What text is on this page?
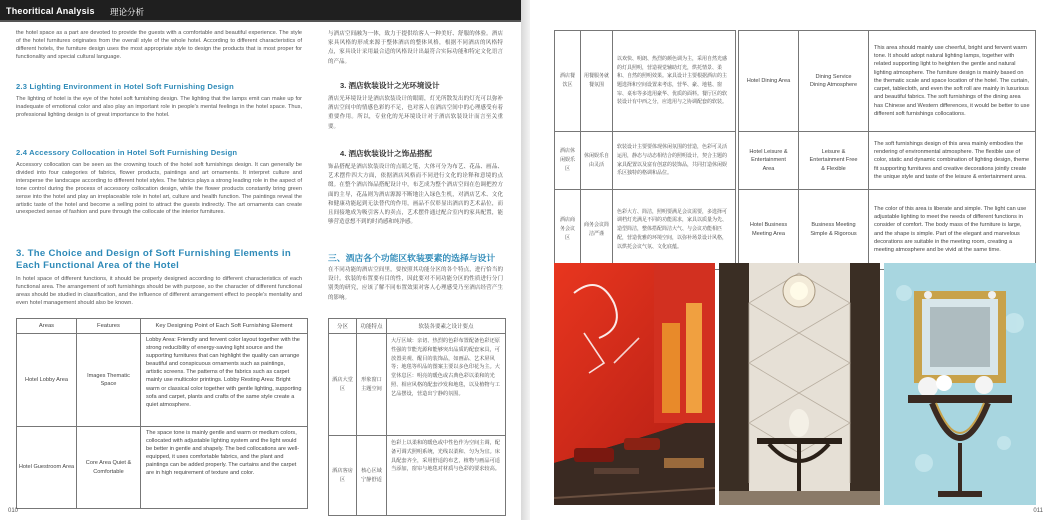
Theoritical Analysis 理论分析
the hotel space as a part are devoted to provide the guests with a comfortable and beautiful experience. The style of the hotel furnitures originates from the overall style of the whole hotel. According to different characteristics of different hotels, the furniture design uses the most appropriate style to design the products that is most proper for functionality and special cultural language.
2.3 Lighting Environment in Hotel Soft Furnishing Design
The lighting of hotel is the eye of the hotel soft furnishing design. The lighting that the lamps emit can make up for inadequate of emotional color and also play an important role in people's mental feelings in the hotel space. Thus, professional lighting design is of great importance to the hotel.
2.4 Accessory Collocation in Hotel Soft Furnishing Design
Accessory collocation can be seen as the crowning touch of the hotel soft furnishings design. It can generally be divided into four categories of fabrics, flower products, paintings and art ornaments. It interpret culture and intersperse the landscape according to different hotel styles. The fabrics plays a strong leading role in the aspect of tone control during the process of accessory collocation design, while the flower products constantly bring green sense into the hotel and play an irreplaceable role in hotel art, culture and health function. The paintings reveal the artistic taste of the hotel and become a selling point to attract the guests indirectly. The art ornaments can create unexpected sense of fashion and pure through the collocate of the interior furnitures.
3. The Choice and Design of Soft Furnishing Elements in Each Functional Area of the Hotel
In hotel space of different functions, it should be properly designed according to different characteristics of each functional area. The arrangement of soft furnishings should be with purpose, so the character of different functional areas should be studied in classification, and the influence of different arrangement effect to people's mentality and even hotel management should also be known.
Areas	Features	Key Designing Point of Each Soft Furnishing Element
Hotel Lobby Area	Images Thematic Space	Lobby Area: Friendly and fervent color layout together with the strong reducibility of energy-saving light source and the supporting furnitures that can highlight the quality can arrange beautiful and conspicuous ornaments such as paintings, artistic screens. The patterns of the fabrics such as carpet mainly use multicolor printings. Lobby Resting Area: Bright warm or classical color together with gentle lighting, supporting sofa and carpet, plants and crafts of the same style create a quiet atmosphere.
Hotel Guestroom Area	Core Area Quiet & Comfortable	The space tone is mainly gentle and warm or medium colors, collocated with adjustable lighting system and the light would be better in gentle and shapely. The bed collocations are well-equipped, it uses comfortable fabrics, and the plant and paintings can be added properly. The curtains and the carpet are in high requirement of texture and color.
与酒店空间融为一体，致力于提供给客人一种美好、舒服的体验。酒店家具风格的形成来源于整体酒店的整体风格，根据不同酒店的风格特点，家具设计采用最合适的风格设计出最符合实际功能和特定文化语言的产品。
3. 酒店软装设计之光环境设计
酒店光环境设计是酒店软装设计的眼睛，灯光所散发出的灯光可以弥补酒店空间中的情感色彩的不足，也对客人在酒店空间中的心理感受有着重要作用。所以，专业化的光环境设计对于酒店软装设计而言至关重要。
4. 酒店软装设计之饰品搭配
饰品搭配是酒店软装设计的点睛之笔，大体可分为布艺、花品、画品、艺术摆件四大方面，依据酒店风格而不同进行文化的诠释和意境的点缀。在整个酒店饰品搭配设计中，布艺成为整个酒店空间在色调把控方面的主导，花品则为酒店源源不断地注入绿色生机，对酒店艺术、文化和健康功能起到无法替代的作用，画品不仅彰显出酒店的艺术品位，而且间接地成为吸引客人的卖点，艺术摆件通过配合室内的家具配置，能够营造意想不到的时尚感和纯净感。
三、酒店各个功能区软装要素的选择与设计
在不同功能的酒店空间里，要按照其功能分区的各个特点，进行恰当的设计。软装的布置要有目的性，因此要对不同功能分区的性质进行分门别类的研究，应该了解不同布置效果对客人心理感受乃至酒店经营产生的影响。
分区	功能特点	软装各要素之设计要点
酒店大堂区	形象窗口主题空间	大厅区域：亲切、热烈的色彩布置配备色彩还原性强的节能光源和能够突出品质的配套家具，可放置美观、醒目的装饰品，如画品、艺术屏风等；地毯等织品的图案主要以多色印花为主。大堂休息区：明亮的暖色或古典色彩以柔和的光照、相应风格的配套沙发和地毯，以及植物与工艺品摆设，营造出宁静的氛围。
酒店客房区	核心区域宁静舒适	色彩上以柔和的暖色或中性色作为空间主调，配备可调式照明系统，光线以柔和、匀为为宜。床具配套齐全，采用舒适的布艺，植物与画品可适当添加，窗帘与地毯对材质与色彩的要求较高。
010
酒店餐饮区	用餐服务就餐氛围	以欢快、明朗、热烈的颜色调为主，采用自然光感的灯具照明，营造视觉辅助灯光，烘托情景、柔和、自然的照明效果。家具设计主要根据酒店的主题选择和空间设置来考虑，营华、豪、地毯、窗帘、桌布等多选用豪华、优质的面料。餐厅区的软装设计有中西之分，应选用与之协调配套的软装。
酒店休闲娱乐区	休闲娱乐自由灵活	软装设计主要要体现休闲氛围的营造，色彩可灵活运用，静态与动态相结合的照明设计，契合主题的家具配置以及富有创意的装饰品，共同打造休闲娱乐区独特的格调和品位。
酒店商务会议区	商务会议简洁严谨	色彩大方、简洁，照明要满足会议需要，多选择可调档灯光满足不同的功能需求，家具以质量为先、造型简洁，整体搭配简洁大气、与会议功能相匹配，营造优雅的环境空间，以弥补场景设计风格，以烘托会议气氛、文化底蕴。
Hotel Dining Area	Dining Service Dining Atmosphere	This area should mainly use cheerful, bright and fervent warm tone. It should adopt natural lighting lamps, together with related supporting light to heighten the gentle and natural lighting atmosphere. The furniture design is mainly based on the thematic scale and space location of the hotel. The curtain, carpet, tablecloth, and even the soft roll are mainly in luxurious and beautiful fabrics. The soft furnishings of the dining area has Chinese and Western differences, it would be better to use different soft furnishings collocations.
Hotel Leisure & Entertainment Area	Leisure & Entertainment Free & Flexible	The soft furnishings design of this area mainly embodies the rendering of environmental atmosphere. The flexible use of color, static and dynamic combination of lighting design, theme fit supporting furnitures and creative decorations jointly create the unique style and taste of the leisure & entertainment area.
Hotel Business Meeting Area	Business Meeting Simple & Rigorous	The color of this area is liberate and simple. The light can use adjustable lighting to meet the needs of different functions in consider of comfort. The body mass of the furniture is large, and the shape is simple. Part of the elegant and marvelous decorations are suitable in the meeting room, creating a meeting atmosphere and be vivid at the same time.
011
